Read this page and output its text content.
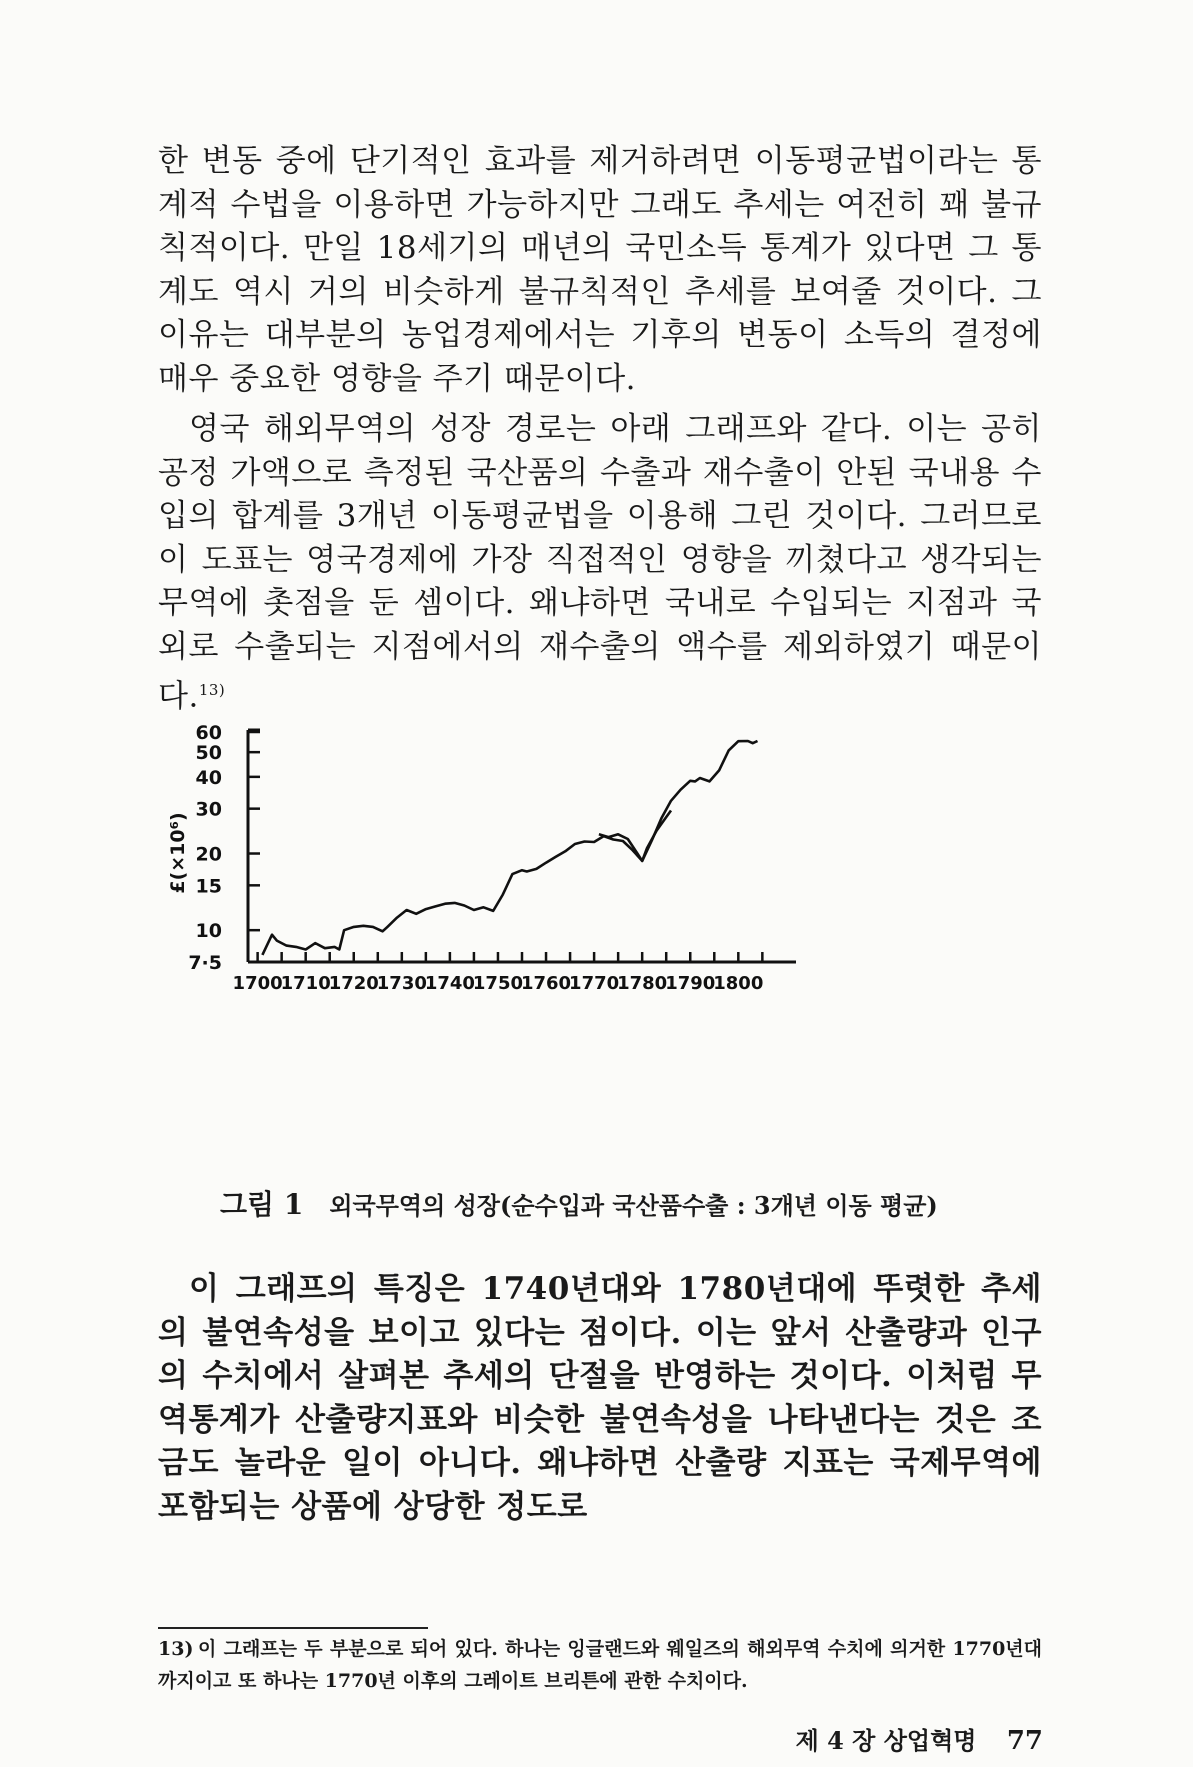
한 변동 중에 단기적인 효과를 제거하려면 이동평균법이라는 통계적 수법을 이용하면 가능하지만 그래도 추세는 여전히 꽤 불규칙적이다. 만일 18세기의 매년의 국민소득 통계가 있다면 그 통계도 역시 거의 비슷하게 불규칙적인 추세를 보여줄 것이다. 그 이유는 대부분의 농업경제에서는 기후의 변동이 소득의 결정에 매우 중요한 영향을 주기 때문이다.

영국 해외무역의 성장 경로는 아래 그래프와 같다. 이는 공히 공정 가액으로 측정된 국산품의 수출과 재수출이 안된 국내용 수입의 합계를 3개년 이동평균법을 이용해 그린 것이다. 그러므로 이 도표는 영국경제에 가장 직접적인 영향을 끼쳤다고 생각되는 무역에 촛점을 둔 셈이다. 왜냐하면 국내로 수입되는 지점과 국외로 수출되는 지점에서의 재수출의 액수를 제외하였기 때문이다.$^{13)}$

60
50
40
30
20
15
10
7·5
1700
1710
1720
1730
1740
1750
1760
1770
1780
1790
1800
£(×10⁶)
그림 1 외국무역의 성장(순수입과 국산품수출 : 3개년 이동 평균)

이 그래프의 특징은 1740년대와 1780년대에 뚜렷한 추세의 불연속성을 보이고 있다는 점이다. 이는 앞서 산출량과 인구의 수치에서 살펴본 추세의 단절을 반영하는 것이다. 이처럼 무역통계가 산출량지표와 비슷한 불연속성을 나타낸다는 것은 조금도 놀라운 일이 아니다. 왜냐하면 산출량 지표는 국제무역에 포함되는 상품에 상당한 정도로

13) 이 그래프는 두 부분으로 되어 있다. 하나는 잉글랜드와 웨일즈의 해외무역 수치에 의거한 1770년대까지이고 또 하나는 1770년 이후의 그레이트 브리튼에 관한 수치이다.
제 4 장 상업혁명 77
